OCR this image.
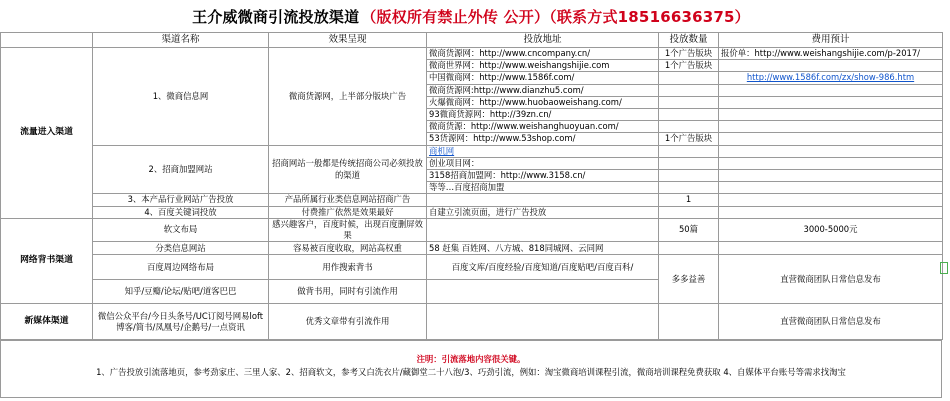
王介威微商引流投放渠道 （版权所有禁止外传 公开）（联系方式18516636375）
	渠道名称	效果呈现	投放地址	投放数量	费用预计
流量进入渠道	1、微商信息网	微商货源网，上半部分版块广告	微商货源网：http://www.cncompany.cn/	1个广告版块	报价单：http://www.weishangshijie.com/p-2017/
			微商世界网：http://www.weishangshijie.com	1个广告版块	
			中国微商网：http://www.1586f.com/		http://www.1586f.com/zx/show-986.htm
			微商货源网:http://www.dianzhu5.com/		
			火爆微商网：http://www.huobaoweishang.com/		
			93微商货源网：http://39zn.cn/		
			微商货源：http://www.weishanghuoyuan.com/		
			53货源网：http://www.53shop.com/	1个广告版块	
	2、招商加盟网站	招商网站一般都是传统招商公司必须投放的渠道	商机网		
			创业项目网：		
			3158招商加盟网：http://www.3158.cn/		
			等等…百度招商加盟		
	3、本产品行业网站广告投放	产品所属行业类信息网站招商广告		1	
	4、百度关键词投放	付费推广依然是效果最好	自建立引流页面，进行广告投放		
网络背书渠道	软文布局	感兴趣客户，百度时候，出现百度删屏效果		50篇	3000-5000元
	分类信息网站	容易被百度收取，网站高权重	58 赶集 百姓网、八方城、818同城网、云同网		
	百度周边网络布局	用作搜索背书	百度文库/百度经验/百度知道/百度贴吧/百度百科/	多多益善	直营微商团队日常信息发布
	知乎/豆瓣/论坛/贴吧/道客巴巴	做背书用，同时有引流作用			
新媒体渠道	微信公众平台/今日头条号/UC订阅号网易loft博客/简书/凤凰号/企鹅号/一点资讯	优秀文章带有引流作用			直营微商团队日常信息发布
注明：引流落地内容很关键。
1、广告投放引流落地页，参考劲家庄、三里人家、2、招商软文，参考又白洗衣片/藏御堂二十八泡/3、巧劲引流，例如：淘宝微商培训课程引流，微商培训课程免费获取 4、自媒体平台账号等需求找淘宝
